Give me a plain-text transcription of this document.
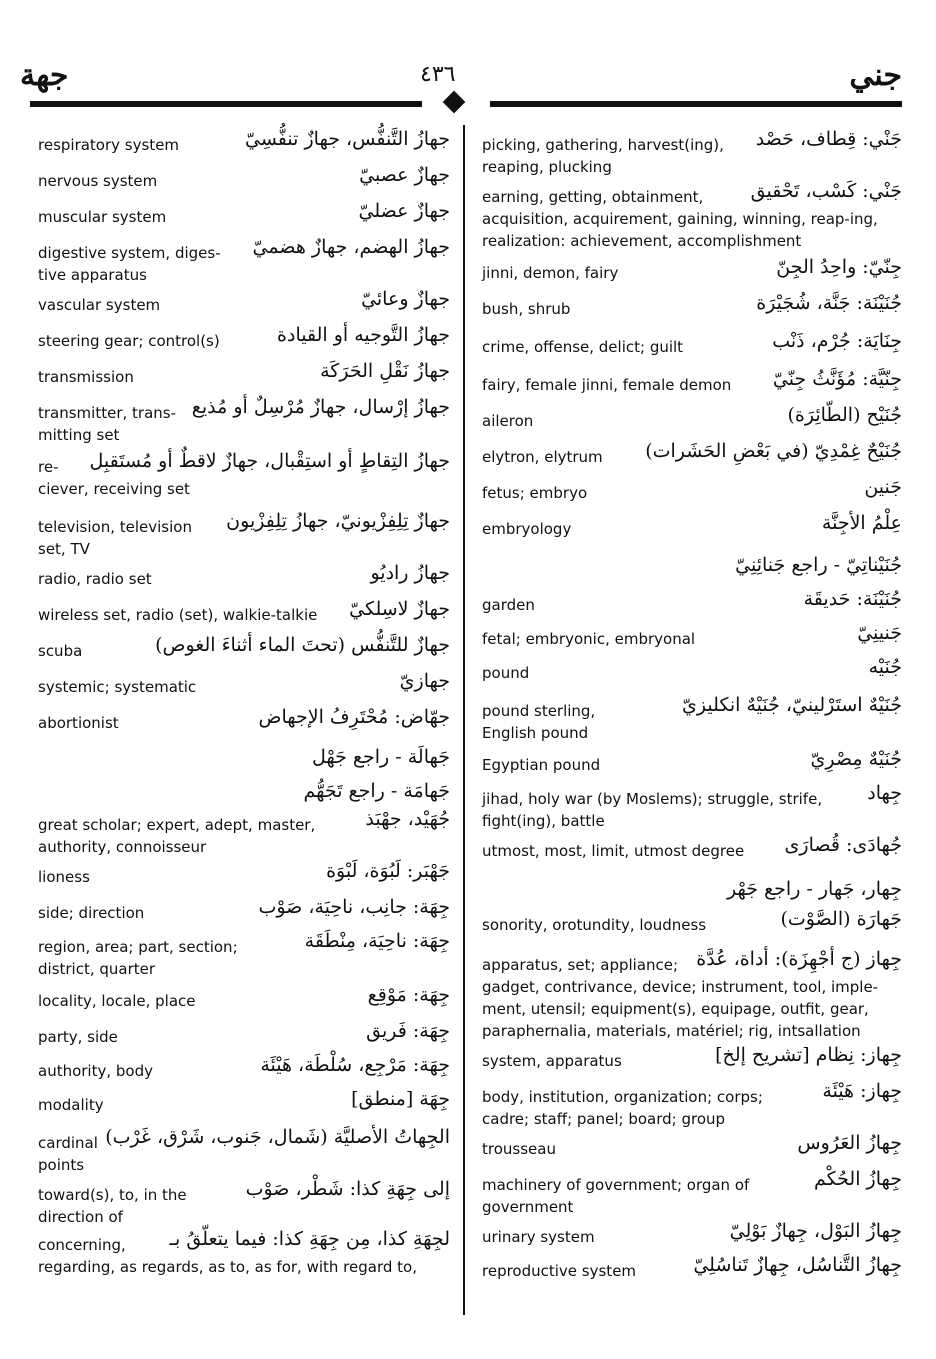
جهة	٤٣٦	جني
جهازُ التَّنفُّس، جهازٌ تنفُّسِيّ
respiratory system
جهازٌ عصبيّ
nervous system
جهازٌ عضليّ
muscular system
جهازُ الهضم، جهازٌ هضميّ
digestive system, diges-
tive apparatus
جهازٌ وعائيّ
vascular system
جهازُ التَّوجيه أو القيادة
steering gear; control(s)
جهازُ نَقْلِ الحَرَكَة
transmission
جهازُ إرْسال، جهازٌ مُرْسِلٌ أو مُذيع
transmitter, trans-
mitting set
جهازُ التِقاطٍ أو استِقْبال، جهازٌ لاقطٌ أو مُستَقبِل
re-
ciever, receiving set
جهازٌ تِلِفِزْيونيّ، جهازُ تِلِفِزْيون
television, television
set, TV
جهازُ راديُو
radio, radio set
جهازٌ لاسِلكيّ
wireless set, radio (set), walkie-talkie
جهازٌ للتَّنفُّس (تحتَ الماء أثناءَ الغوص)
scuba
جهازيّ
systemic; systematic
جهّاض: مُحْتَرِفُ الإجهاض
abortionist
جُهَيْد، جهْبَذ
great scholar; expert, adept, master,
authority, connoisseur
جَهْبَر: لَبُوَة، لَبْوَة
lioness
جِهَة: جانِب، ناحِيَة، صَوْب
side; direction
جِهَة: ناحِيَة، مِنْطَقَة
region, area; part, section;
district, quarter
جِهَة: مَوْقِع
locality, locale, place
جِهَة: فَريق
party, side
جِهَة: مَرْجِع، سُلْطَة، هَيْئَة
authority, body
جِهَة [منطق]
modality
الجِهاتُ الأصليَّة (شَمال، جَنوب، شَرْق، غَرْب)
cardinal
points
إلى جِهَةِ كذا: شَطْر، صَوْب
toward(s), to, in the
direction of
لجِهَةِ كذا، مِن جِهَةِ كذا: فيما يتعلّقُ بـ
concerning,
regarding, as regards, as to, as for, with regard to,
جَهالَة - راجع جَهْل
جَهامَة - راجع تَجَهُّم
جَنْي: قِطاف، حَصْد
picking, gathering, harvest(ing),
reaping, plucking
جَنْي: كَسْب، تَحْقيق
earning, getting, obtainment,
acquisition, acquirement, gaining, winning, reap-ing, realization: achievement, accomplishment
جِنّيّ: واحِدُ الجِنّ
jinni, demon, fairy
جُنَيْنَة: جَنَّة، شُجَيْرَة
bush, shrub
جِنَايَة: جُرْم، ذَنْب
crime, offense, delict; guilt
جِنّيَّة: مُؤَنَّثُ جِنّيّ
fairy, female jinni, female demon
جُنَيْح (الطّائِرَة)
aileron
جُنَيْحٌ غِمْدِيّ (في بَعْضِ الحَشَرات)
elytron, elytrum
جَنين
fetus; embryo
عِلْمُ الأجِنَّة
embryology
جُنَيْنَة: حَديقَة
garden
جَنينِيّ
fetal; embryonic, embryonal
جُنَيْه
pound
جُنَيْهٌ استَرْلينيّ، جُنَيْهٌ انكليزيّ
pound sterling,
English pound
جُنَيْهٌ مِصْرِيّ
Egyptian pound
جِهاد
jihad, holy war (by Moslems); struggle, strife,
fight(ing), battle
جُهادَى: قُصارَى
utmost, most, limit, utmost degree
جَهارَة (الصَّوْت)
sonority, orotundity, loudness
جِهاز (ج أجْهِزَة): أداة، عُدَّة
apparatus, set; appliance;
gadget, contrivance, device; instrument, tool, imple-ment, utensil; equipment(s), equipage, outfit, gear, paraphernalia, materials, matériel; rig, intsallation
جِهاز: نِظام [تشريح إلخ]
system, apparatus
جِهاز: هَيْئَة
body, institution, organization; corps;
cadre; staff; panel; board; group
جِهازُ العَرُوس
trousseau
جِهازُ الحُكْم
machinery of government; organ of
government
جِهازُ البَوْل، جِهازٌ بَوْلِيّ
urinary system
جِهازُ التَّناسُل، جِهازٌ تَناسُلِيّ
reproductive system
جُنَيْناتِيّ - راجع جَنائِنِيّ
جِهار، جَهار - راجع جَهْر
